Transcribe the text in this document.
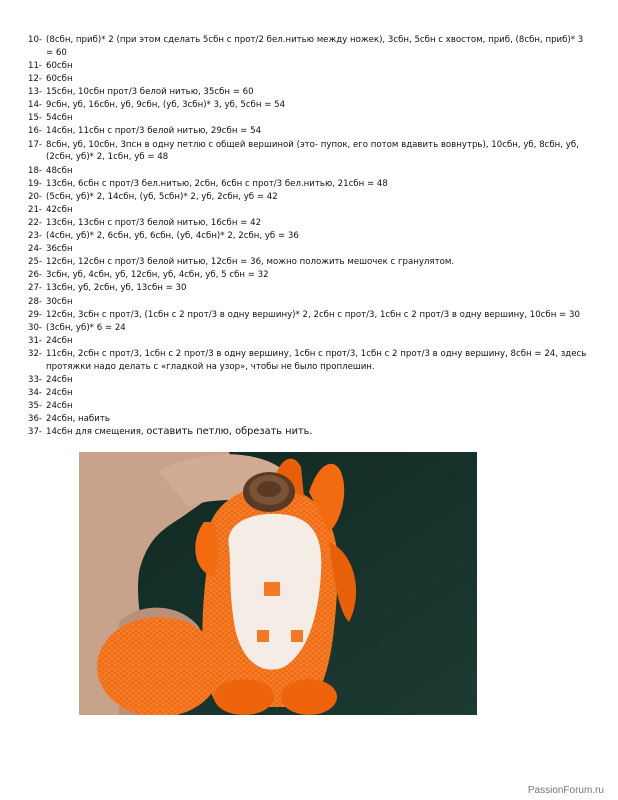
10- (8сбн, приб)* 2 (при этом сделать 5сбн с прот/2 бел.нитью между ножек), 3сбн, 5сбн с хвостом, приб, (8сбн, приб)* 3 = 60
11- 60сбн
12- 60сбн
13- 15сбн, 10сбн прот/3 белой нитью, 35сбн = 60
14- 9сбн, уб, 16сбн, уб, 9сбн, (уб, 3сбн)* 3, уб, 5сбн = 54
15- 54сбн
16- 14сбн, 11сбн с прот/3 белой нитью, 29сбн = 54
17- 8сбн, уб, 10сбн, 3псн в одну петлю с общей вершиной (это- пупок, его потом вдавить вовнутрь), 10сбн, уб, 8сбн, уб, (2сбн, уб)* 2, 1сбн, уб = 48
18- 48сбн
19- 13сбн, 6сбн с прот/3 бел.нитью, 2сбн, 6сбн с прот/3 бел.нитью, 21сбн = 48
20- (5сбн, уб)* 2, 14сбн, (уб, 5сбн)* 2, уб, 2сбн, уб = 42
21- 42сбн
22- 13сбн, 13сбн с прот/3 белой нитью, 16сбн = 42
23- (4сбн, уб)* 2, 6сбн, уб, 6сбн, (уб, 4сбн)* 2, 2сбн, уб = 36
24- 36сбн
25- 12сбн, 12сбн с прот/3 белой нитью, 12сбн = 36, можно положить мешочек с гранулятом.
26- 3сбн, уб, 4сбн, уб, 12сбн, уб, 4сбн, уб, 5 сбн = 32
27- 13сбн, уб, 2сбн, уб, 13сбн = 30
28- 30сбн
29- 12сбн, 3сбн с прот/3, (1сбн с 2 прот/3 в одну вершину)* 2, 2сбн с прот/3, 1сбн с 2 прот/3 в одну вершину, 10сбн = 30
30- (3сбн, уб)* 6 = 24
31- 24сбн
32- 11сбн, 2сбн с прот/3, 1сбн с 2 прот/3 в одну вершину, 1сбн с прот/3, 1сбн с 2 прот/3 в одну вершину, 8сбн = 24, здесь протяжки надо делать с «гладкой на узор», чтобы не было проплешин.
33- 24сбн
34- 24сбн
35- 24сбн
36- 24сбн, набить
37- 14сбн для смещения, оставить петлю, обрезать нить.
PassionForum.ru
